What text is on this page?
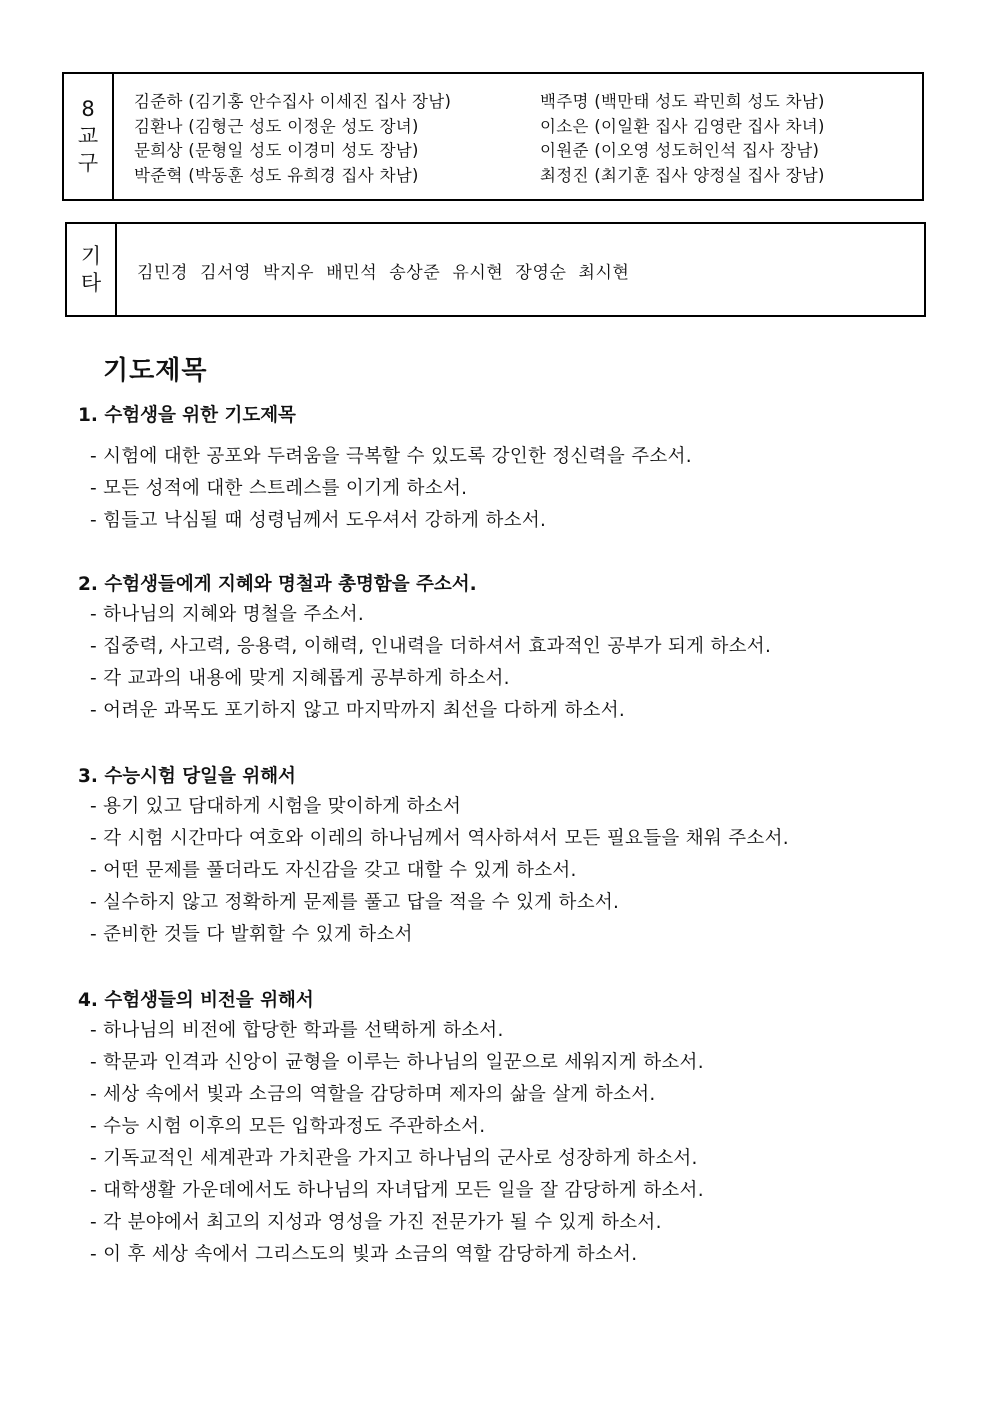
8
교
구
김준하 (김기홍 안수집사 이세진 집사 장남)
김환나 (김형근 성도 이정운 성도 장녀)
문희상 (문형일 성도 이경미 성도 장남)
박준혁 (박동훈 성도 유희경 집사 차남)
백주명 (백만태 성도 곽민희 성도 차남)
이소은 (이일환 집사 김영란 집사 차녀)
이원준 (이오영 성도허인석 집사 장남)
최정진 (최기훈 집사 양정실 집사 장남)
기
타 김민경 김서영 박지우 배민석 송상준 유시현 장영순 최시현
기도제목
1. 수험생을 위한 기도제목
- 시험에 대한 공포와 두려움을 극복할 수 있도록 강인한 정신력을 주소서.
- 모든 성적에 대한 스트레스를 이기게 하소서.
- 힘들고 낙심될 때 성령님께서 도우셔서 강하게 하소서.
2. 수험생들에게 지혜와 명철과 총명함을 주소서.
- 하나님의 지혜와 명철을 주소서.
- 집중력, 사고력, 응용력, 이해력, 인내력을 더하셔서 효과적인 공부가 되게 하소서.
- 각 교과의 내용에 맞게 지혜롭게 공부하게 하소서.
- 어려운 과목도 포기하지 않고 마지막까지 최선을 다하게 하소서.
3. 수능시험 당일을 위해서
- 용기 있고 담대하게 시험을 맞이하게 하소서
- 각 시험 시간마다 여호와 이레의 하나님께서 역사하셔서 모든 필요들을 채워 주소서.
- 어떤 문제를 풀더라도 자신감을 갖고 대할 수 있게 하소서.
- 실수하지 않고 정확하게 문제를 풀고 답을 적을 수 있게 하소서.
- 준비한 것들 다 발휘할 수 있게 하소서
4. 수험생들의 비전을 위해서
- 하나님의 비전에 합당한 학과를 선택하게 하소서.
- 학문과 인격과 신앙이 균형을 이루는 하나님의 일꾼으로 세워지게 하소서.
- 세상 속에서 빛과 소금의 역할을 감당하며 제자의 삶을 살게 하소서.
- 수능 시험 이후의 모든 입학과정도 주관하소서.
- 기독교적인 세계관과 가치관을 가지고 하나님의 군사로 성장하게 하소서.
- 대학생활 가운데에서도 하나님의 자녀답게 모든 일을 잘 감당하게 하소서.
- 각 분야에서 최고의 지성과 영성을 가진 전문가가 될 수 있게 하소서.
- 이 후 세상 속에서 그리스도의 빛과 소금의 역할 감당하게 하소서.
